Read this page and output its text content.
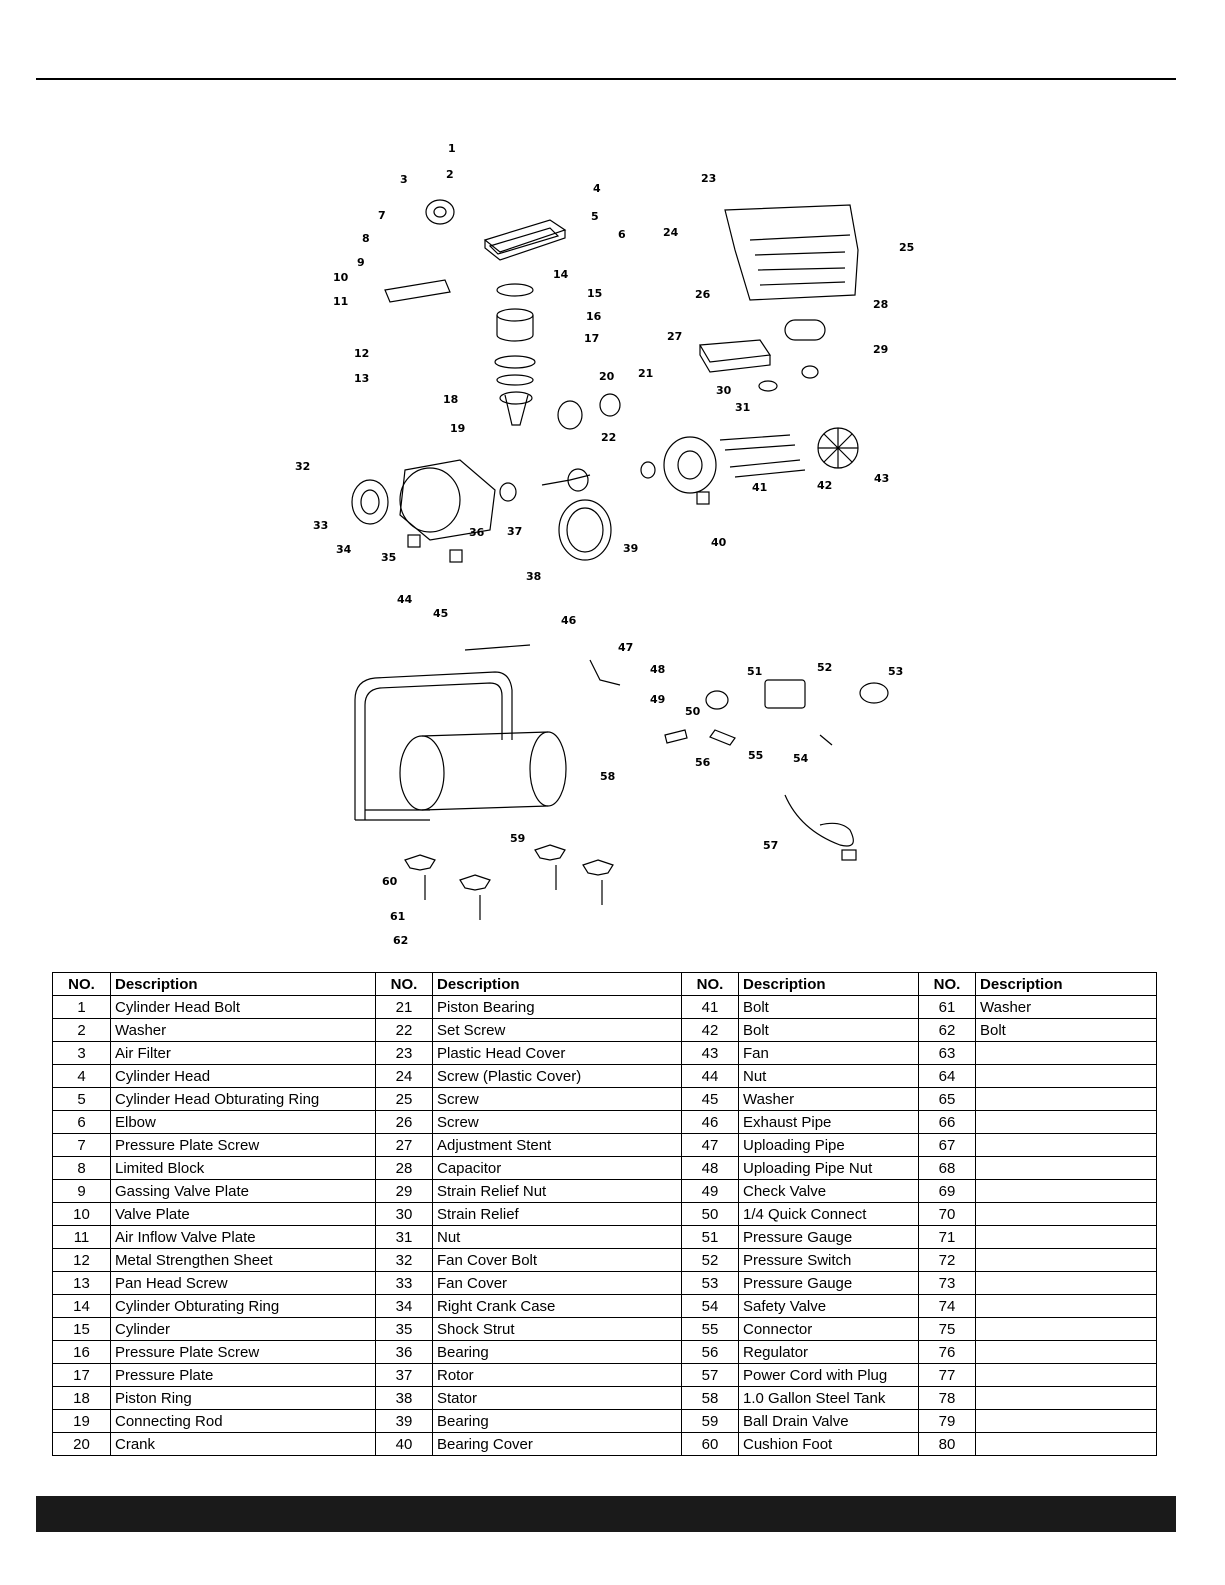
1
2
3
4
5
6
7
8
9
10
11
12
13
14
15
16
17
18
19
20 21
22
23
24
25
26
27
28
29
30
31
32
33
34
35
36 37
38
39	40
41	42
43
44
45
46
47
48
49
50
51	52	53
54
55
56
57
58
59
60
61
62
NO.	Description	NO.	Description	NO.	Description	NO.	Description
1	Cylinder Head Bolt	21	Piston Bearing	41	Bolt	61	Washer
2	Washer	22	Set Screw	42	Bolt	62	Bolt
3	Air Filter	23	Plastic Head Cover	43	Fan	63	
4	Cylinder Head	24	Screw (Plastic Cover)	44	Nut	64	
5	Cylinder Head Obturating Ring	25	Screw	45	Washer	65	
6	Elbow	26	Screw	46	Exhaust Pipe	66	
7	Pressure Plate Screw	27	Adjustment Stent	47	Uploading Pipe	67	
8	Limited Block	28	Capacitor	48	Uploading Pipe Nut	68	
9	Gassing Valve Plate	29	Strain Relief Nut	49	Check Valve	69	
10	Valve Plate	30	Strain Relief	50	1/4 Quick Connect	70	
11	Air Inflow Valve Plate	31	Nut	51	Pressure Gauge	71	
12	Metal Strengthen Sheet	32	Fan Cover Bolt	52	Pressure Switch	72	
13	Pan Head Screw	33	Fan Cover	53	Pressure Gauge	73	
14	Cylinder Obturating Ring	34	Right Crank Case	54	Safety Valve	74	
15	Cylinder	35	Shock Strut	55	Connector	75	
16	Pressure Plate Screw	36	Bearing	56	Regulator	76	
17	Pressure Plate	37	Rotor	57	Power Cord with Plug	77	
18	Piston Ring	38	Stator	58	1.0 Gallon Steel Tank	78	
19	Connecting Rod	39	Bearing	59	Ball Drain Valve	79	
20	Crank	40	Bearing Cover	60	Cushion Foot	80	
